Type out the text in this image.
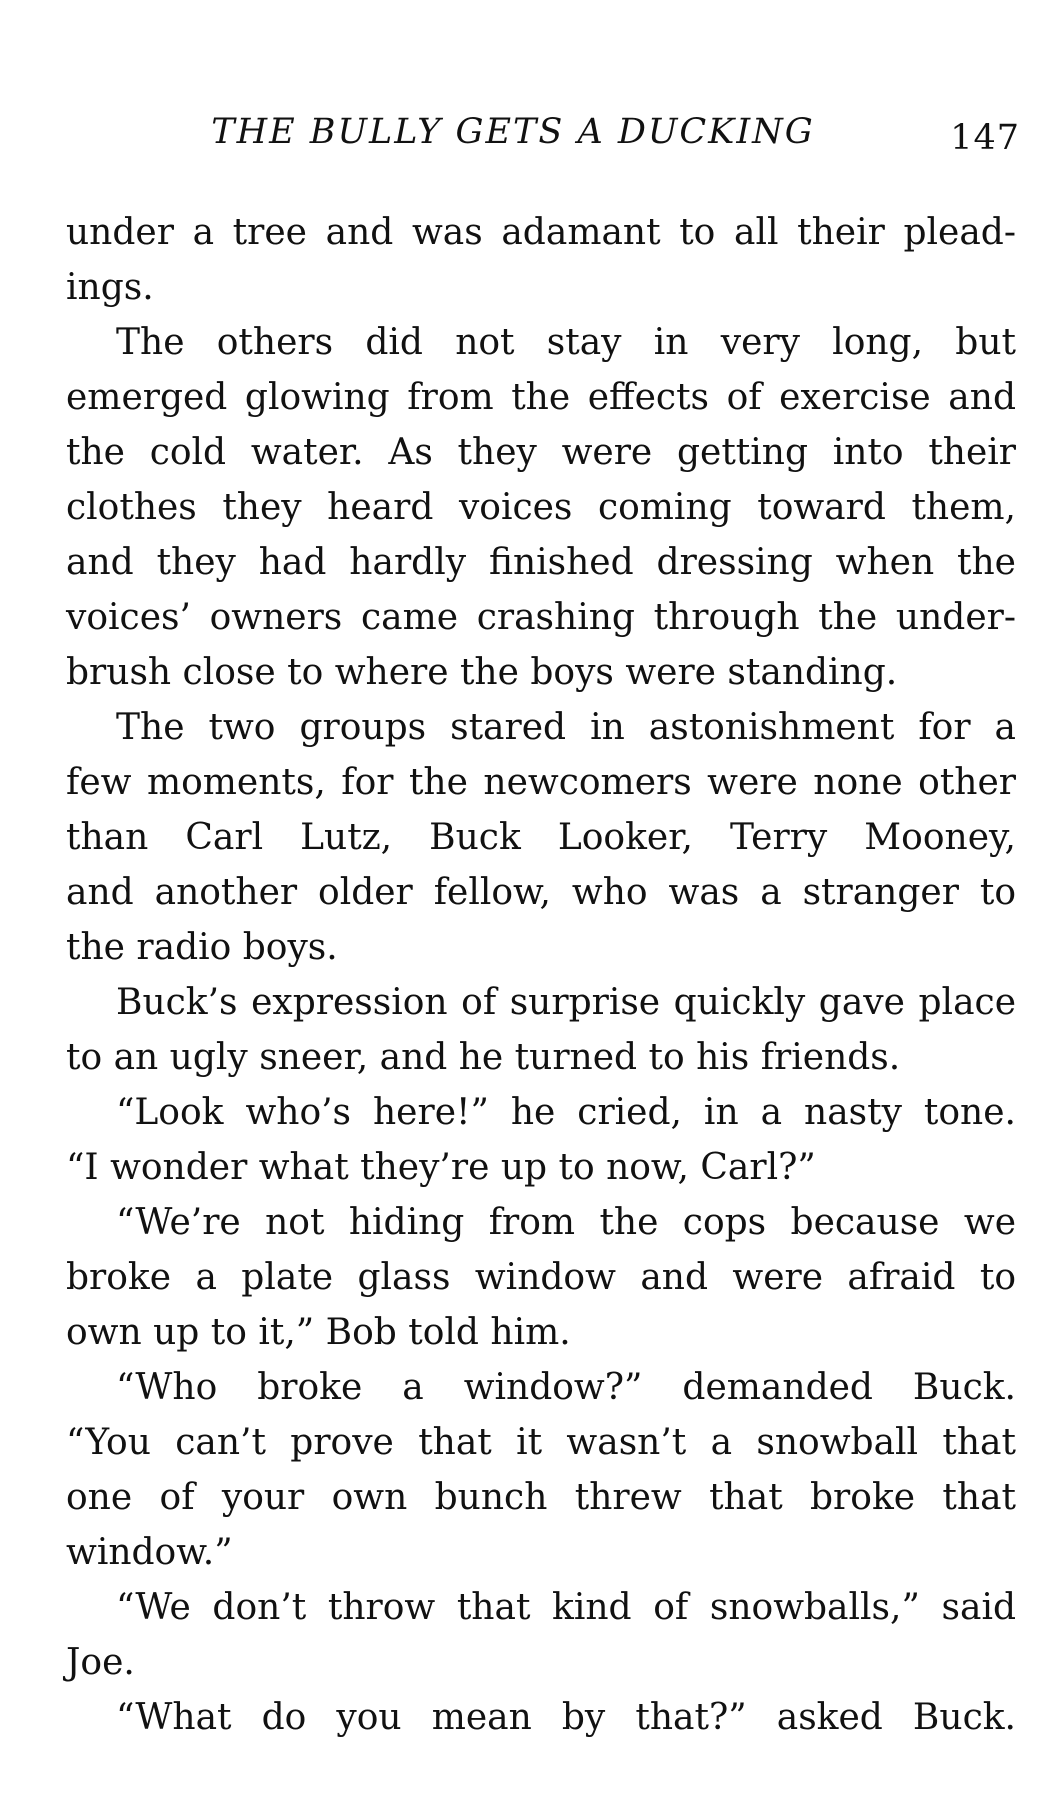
THE BULLY GETS A DUCKING	147
under a tree and was adamant to all their plead-
ings.
The others did not stay in very long, but
emerged glowing from the effects of exercise and
the cold water. As they were getting into their
clothes they heard voices coming toward them,
and they had hardly finished dressing when the
voices’ owners came crashing through the under-
brush close to where the boys were standing.
The two groups stared in astonishment for a
few moments, for the newcomers were none other
than Carl Lutz, Buck Looker, Terry Mooney,
and another older fellow, who was a stranger to
the radio boys.
Buck’s expression of surprise quickly gave place
to an ugly sneer, and he turned to his friends.
“Look who’s here!” he cried, in a nasty tone.
“I wonder what they’re up to now, Carl?”
“We’re not hiding from the cops because we
broke a plate glass window and were afraid to
own up to it,” Bob told him.
“Who broke a window?” demanded Buck.
“You can’t prove that it wasn’t a snowball that
one of your own bunch threw that broke that
window.”
“We don’t throw that kind of snowballs,” said
Joe.
“What do you mean by that?” asked Buck.
